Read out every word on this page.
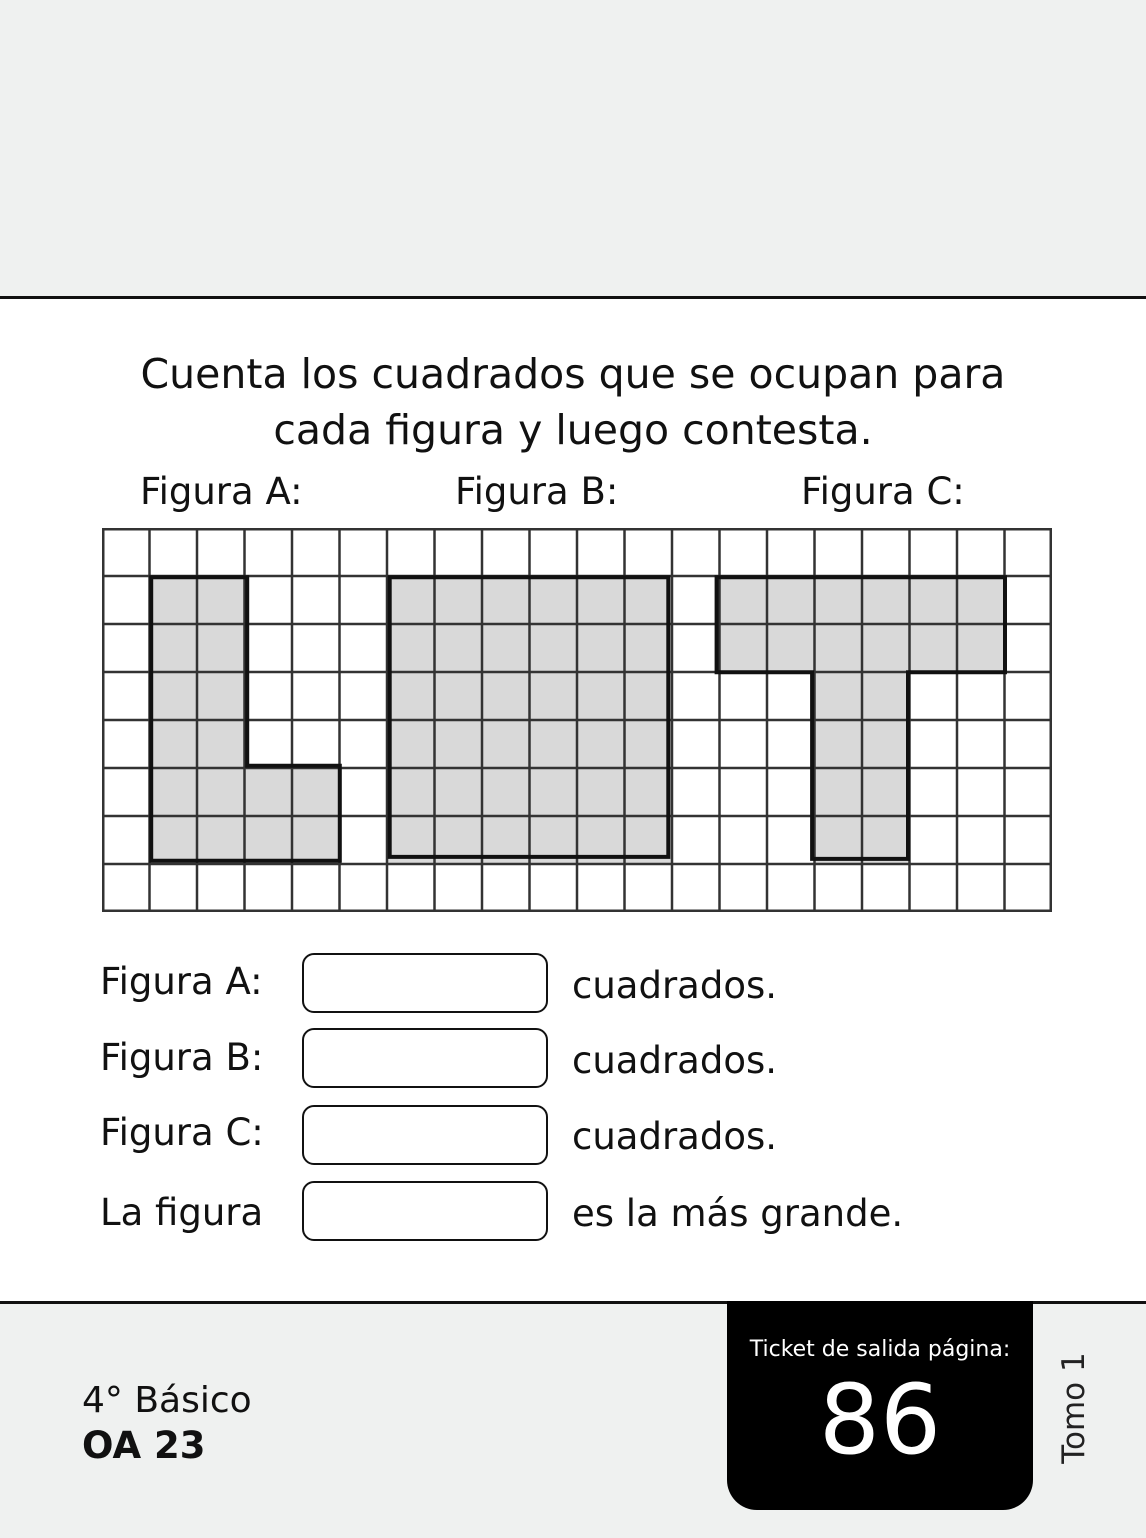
Cuenta los cuadrados que se ocupan para
cada figura y luego contesta.
Figura A:	Figura B:	Figura C:
Figura A:	cuadrados.
Figura B:	cuadrados.
Figura C:	cuadrados.
La figura	es la más grande.
4° Básico
OA 23
Ticket de salida página:
86	Tomo 1
